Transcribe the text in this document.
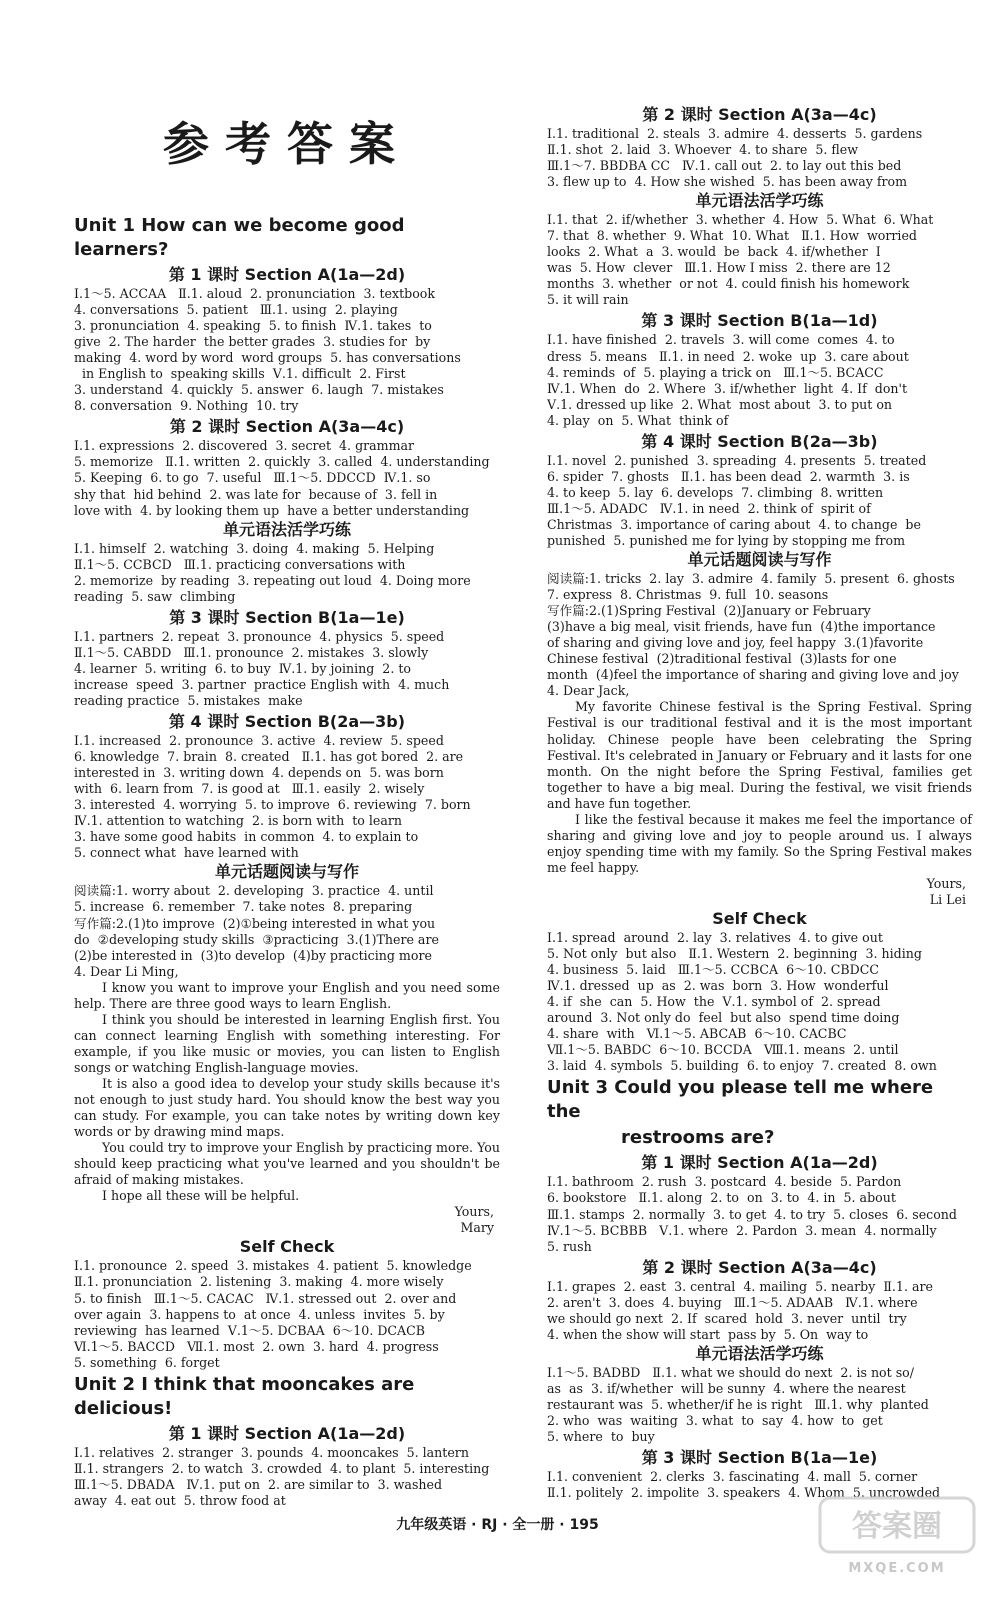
参考答案
Unit 1 How can we become good learners?
第 1 课时 Section A(1a—2d)
Ⅰ.1～5. ACCAA   Ⅱ.1. aloud  2. pronunciation  3. textbook
4. conversations  5. patient   Ⅲ.1. using  2. playing
3. pronunciation  4. speaking  5. to finish  Ⅳ.1. takes  to
give  2. The harder  the better grades  3. studies for  by
making  4. word by word  word groups  5. has conversations
in English to  speaking skills  Ⅴ.1. difficult  2. First
3. understand  4. quickly  5. answer  6. laugh  7. mistakes
8. conversation  9. Nothing  10. try
第 2 课时 Section A(3a—4c)
Ⅰ.1. expressions  2. discovered  3. secret  4. grammar
5. memorize   Ⅱ.1. written  2. quickly  3. called  4. understanding
5. Keeping  6. to go  7. useful   Ⅲ.1～5. DDCCD  Ⅳ.1. so
shy that  hid behind  2. was late for  because of  3. fell in
love with  4. by looking them up  have a better understanding
单元语法活学巧练
Ⅰ.1. himself  2. watching  3. doing  4. making  5. Helping
Ⅱ.1～5. CCBCD   Ⅲ.1. practicing conversations with
2. memorize  by reading  3. repeating out loud  4. Doing more
reading  5. saw  climbing
第 3 课时 Section B(1a—1e)
Ⅰ.1. partners  2. repeat  3. pronounce  4. physics  5. speed
Ⅱ.1～5. CABDD   Ⅲ.1. pronounce  2. mistakes  3. slowly
4. learner  5. writing  6. to buy  Ⅳ.1. by joining  2. to
increase  speed  3. partner  practice English with  4. much
reading practice  5. mistakes  make
第 4 课时 Section B(2a—3b)
Ⅰ.1. increased  2. pronounce  3. active  4. review  5. speed
6. knowledge  7. brain  8. created   Ⅱ.1. has got bored  2. are
interested in  3. writing down  4. depends on  5. was born
with  6. learn from  7. is good at   Ⅲ.1. easily  2. wisely
3. interested  4. worrying  5. to improve  6. reviewing  7. born
Ⅳ.1. attention to watching  2. is born with  to learn
3. have some good habits  in common  4. to explain to
5. connect what  have learned with
单元话题阅读与写作
阅读篇:1. worry about  2. developing  3. practice  4. until
5. increase  6. remember  7. take notes  8. preparing
写作篇:2.(1)to improve  (2)①being interested in what you
do  ②developing study skills  ③practicing  3.(1)There are
(2)be interested in  (3)to develop  (4)by practicing more
4. Dear Li Ming,
I know you want to improve your English and you need some help. There are three good ways to learn English.
I think you should be interested in learning English first. You can connect learning English with something interesting. For example, if you like music or movies, you can listen to English songs or watching English-language movies.
It is also a good idea to develop your study skills because it's not enough to just study hard. You should know the best way you can study. For example, you can take notes by writing down key words or by drawing mind maps.
You could try to improve your English by practicing more. You should keep practicing what you've learned and you shouldn't be afraid of making mistakes.
I hope all these will be helpful.
Yours,
Mary
Self Check
Ⅰ.1. pronounce  2. speed  3. mistakes  4. patient  5. knowledge
Ⅱ.1. pronunciation  2. listening  3. making  4. more wisely
5. to finish   Ⅲ.1～5. CACAC   Ⅳ.1. stressed out  2. over and
over again  3. happens to  at once  4. unless  invites  5. by
reviewing  has learned  Ⅴ.1～5. DCBAA  6～10. DCACB
Ⅵ.1～5. BACCD   Ⅶ.1. most  2. own  3. hard  4. progress
5. something  6. forget
Unit 2 I think that mooncakes are delicious!
第 1 课时 Section A(1a—2d)
Ⅰ.1. relatives  2. stranger  3. pounds  4. mooncakes  5. lantern
Ⅱ.1. strangers  2. to watch  3. crowded  4. to plant  5. interesting
Ⅲ.1～5. DBADA   Ⅳ.1. put on  2. are similar to  3. washed
away  4. eat out  5. throw food at
第 2 课时 Section A(3a—4c)
Ⅰ.1. traditional  2. steals  3. admire  4. desserts  5. gardens
Ⅱ.1. shot  2. laid  3. Whoever  4. to share  5. flew
Ⅲ.1～7. BBDBA CC   Ⅳ.1. call out  2. to lay out this bed
3. flew up to  4. How she wished  5. has been away from
单元语法活学巧练
Ⅰ.1. that  2. if/whether  3. whether  4. How  5. What  6. What
7. that  8. whether  9. What  10. What   Ⅱ.1. How  worried
looks  2. What  a  3. would  be  back  4. if/whether  I
was  5. How  clever   Ⅲ.1. How I miss  2. there are 12
months  3. whether  or not  4. could finish his homework
5. it will rain
第 3 课时 Section B(1a—1d)
Ⅰ.1. have finished  2. travels  3. will come  comes  4. to
dress  5. means   Ⅱ.1. in need  2. woke  up  3. care about
4. reminds  of  5. playing a trick on   Ⅲ.1～5. BCACC
Ⅳ.1. When  do  2. Where  3. if/whether  light  4. If  don't
Ⅴ.1. dressed up like  2. What  most about  3. to put on
4. play  on  5. What  think of
第 4 课时 Section B(2a—3b)
Ⅰ.1. novel  2. punished  3. spreading  4. presents  5. treated
6. spider  7. ghosts   Ⅱ.1. has been dead  2. warmth  3. is
4. to keep  5. lay  6. develops  7. climbing  8. written
Ⅲ.1～5. ADADC   Ⅳ.1. in need  2. think of  spirit of
Christmas  3. importance of caring about  4. to change  be
punished  5. punished me for lying by stopping me from
单元话题阅读与写作
阅读篇:1. tricks  2. lay  3. admire  4. family  5. present  6. ghosts
7. express  8. Christmas  9. full  10. seasons
写作篇:2.(1)Spring Festival  (2)January or February
(3)have a big meal, visit friends, have fun  (4)the importance
of sharing and giving love and joy, feel happy  3.(1)favorite
Chinese festival  (2)traditional festival  (3)lasts for one
month  (4)feel the importance of sharing and giving love and joy
4. Dear Jack,
My favorite Chinese festival is the Spring Festival. Spring Festival is our traditional festival and it is the most important holiday. Chinese people have been celebrating the Spring Festival. It's celebrated in January or February and it lasts for one month. On the night before the Spring Festival, families get together to have a big meal. During the festival, we visit friends and have fun together.
I like the festival because it makes me feel the importance of sharing and giving love and joy to people around us. I always enjoy spending time with my family. So the Spring Festival makes me feel happy.
Yours,
Li Lei
Self Check
Ⅰ.1. spread  around  2. lay  3. relatives  4. to give out
5. Not only  but also   Ⅱ.1. Western  2. beginning  3. hiding
4. business  5. laid   Ⅲ.1～5. CCBCA  6～10. CBDCC
Ⅳ.1. dressed  up  as  2. was  born  3. How  wonderful
4. if  she  can  5. How  the  Ⅴ.1. symbol of  2. spread
around  3. Not only do  feel  but also  spend time doing
4. share  with   Ⅵ.1～5. ABCAB  6～10. CACBC
Ⅶ.1～5. BABDC  6～10. BCCDA   Ⅷ.1. means  2. until
3. laid  4. symbols  5. building  6. to enjoy  7. created  8. own
Unit 3 Could you please tell me where the
restrooms are?
第 1 课时 Section A(1a—2d)
Ⅰ.1. bathroom  2. rush  3. postcard  4. beside  5. Pardon
6. bookstore   Ⅱ.1. along  2. to  on  3. to  4. in  5. about
Ⅲ.1. stamps  2. normally  3. to get  4. to try  5. closes  6. second
Ⅳ.1～5. BCBBB   Ⅴ.1. where  2. Pardon  3. mean  4. normally
5. rush
第 2 课时 Section A(3a—4c)
Ⅰ.1. grapes  2. east  3. central  4. mailing  5. nearby  Ⅱ.1. are
2. aren't  3. does  4. buying   Ⅲ.1～5. ADAAB   Ⅳ.1. where
we should go next  2. If  scared  hold  3. never  until  try
4. when the show will start  pass by  5. On  way to
单元语法活学巧练
Ⅰ.1～5. BADBD   Ⅱ.1. what we should do next  2. is not so/
as  as  3. if/whether  will be sunny  4. where the nearest
restaurant was  5. whether/if he is right   Ⅲ.1. why  planted
2. who  was  waiting  3. what  to  say  4. how  to  get
5. where  to  buy
第 3 课时 Section B(1a—1e)
Ⅰ.1. convenient  2. clerks  3. fascinating  4. mall  5. corner
Ⅱ.1. politely  2. impolite  3. speakers  4. Whom  5. uncrowded
九年级英语 · RJ · 全一册 · 195	答案圈
MXQE.COM
